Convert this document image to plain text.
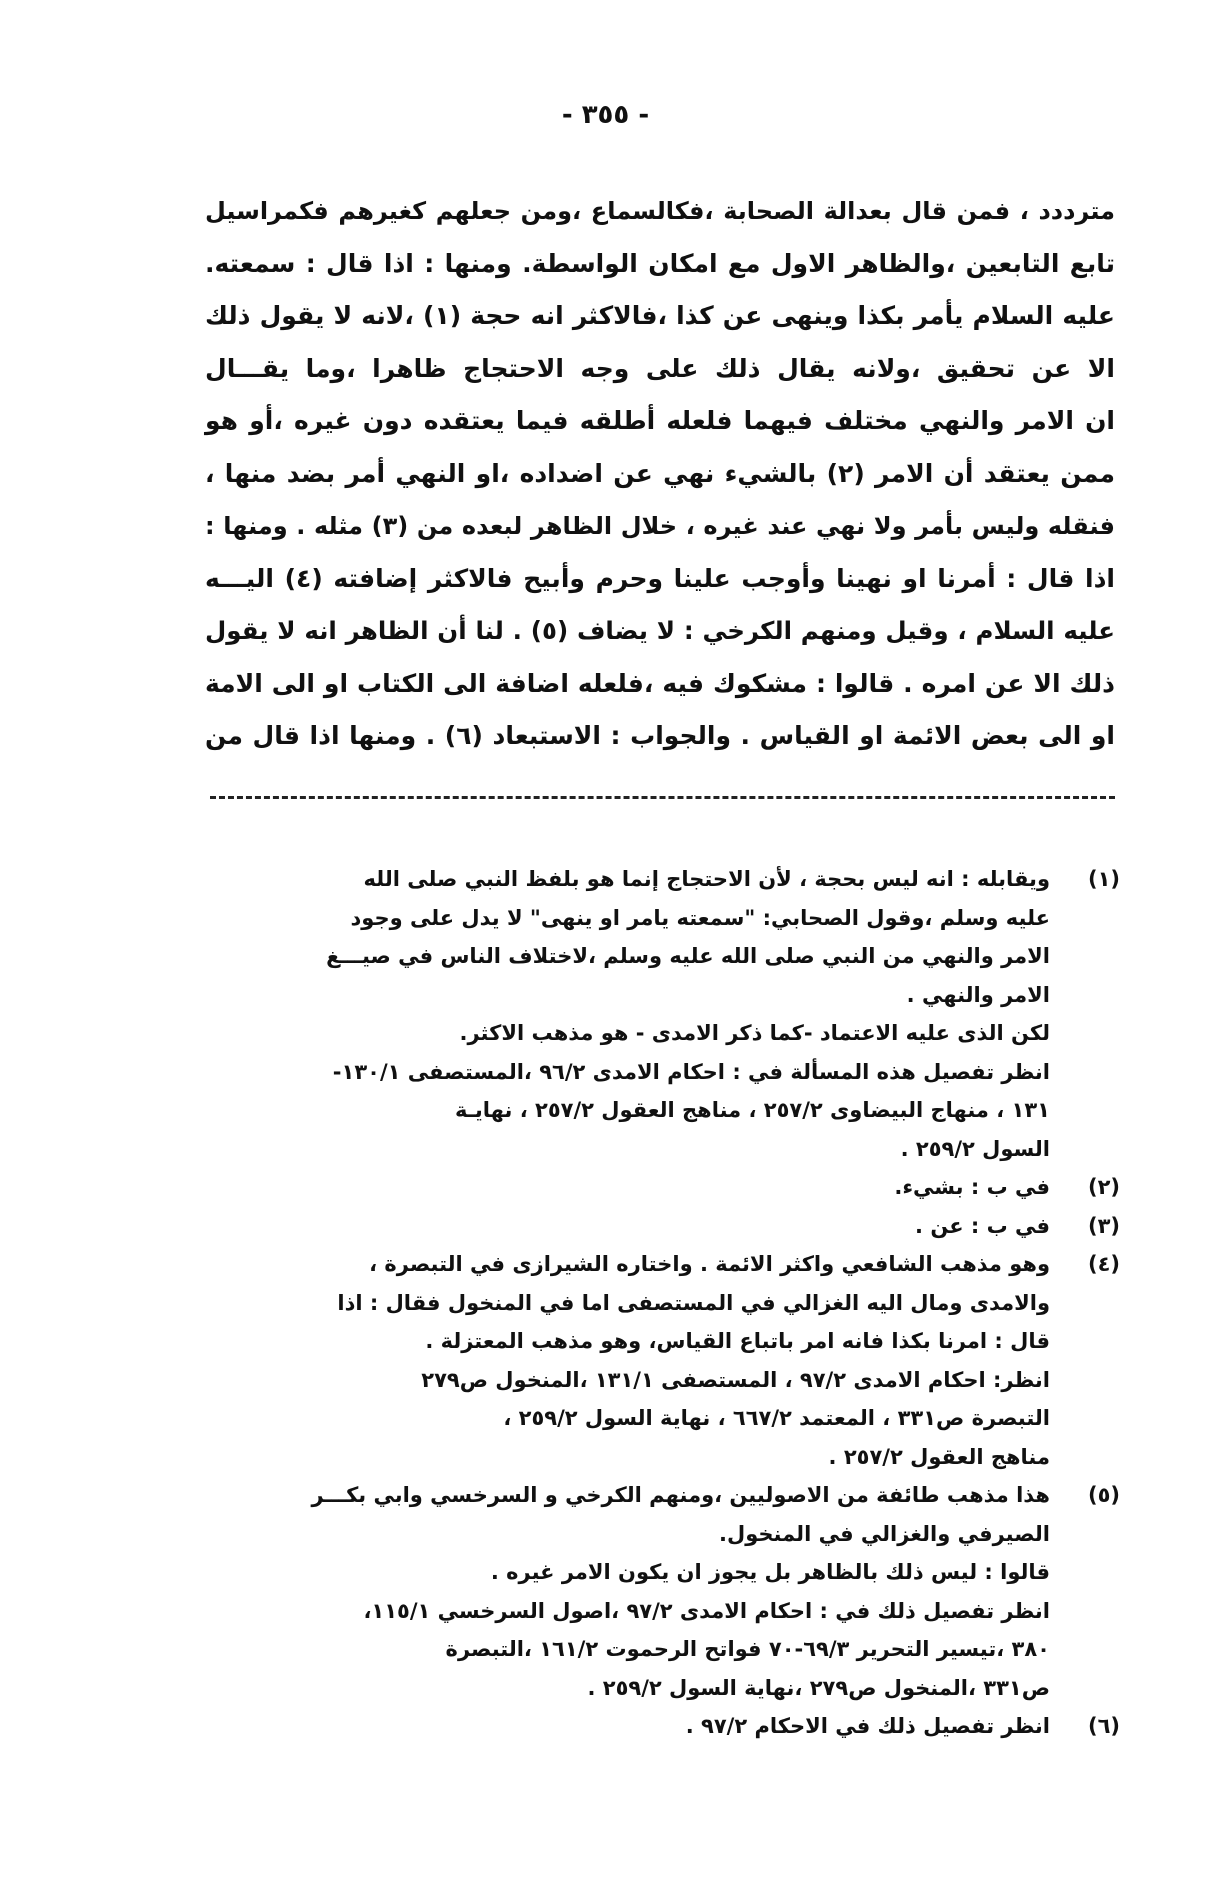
- ٣٥٥ -
مترددد ، فمن قال بعدالة الصحابة ،فكالسماع ،ومن جعلهم كغيرهم فكمراسيل
تابع التابعين ،والظاهر الاول مع امكان الواسطة. ومنها : اذا قال : سمعته.
عليه السلام يأمر بكذا وينهى عن كذا ،فالاكثر انه حجة (١) ،لانه لا يقول ذلك
الا عن تحقيق ،ولانه يقال ذلك على وجه الاحتجاج ظاهرا ،وما يقـــال
ان الامر والنهي مختلف فيهما فلعله أطلقه فيما يعتقده دون غيره ،أو هو
ممن يعتقد أن الامر (٢) بالشيء نهي عن اضداده ،او النهي أمر بضد منها ،
فنقله وليس بأمر ولا نهي عند غيره ، خلال الظاهر لبعده من (٣) مثله . ومنها :
اذا قال : أمرنا او نهينا وأوجب علينا وحرم وأبيح فالاكثر إضافته (٤) اليـــه
عليه السلام ، وقيل ومنهم الكرخي : لا يضاف (٥) . لنا أن الظاهر انه لا يقول
ذلك الا عن امره . قالوا : مشكوك فيه ،فلعله اضافة الى الكتاب او الى الامة
او الى بعض الائمة او القياس . والجواب : الاستبعاد (٦) . ومنها اذا قال من
(١)
ويقابله : انه ليس بحجة ، لأن الاحتجاج إنما هو بلفظ النبي صلى الله
عليه وسلم ،وقول الصحابي: "سمعته يامر او ينهى" لا يدل على وجود
الامر والنهي من النبي صلى الله عليه وسلم ،لاختلاف الناس في صيـــغ
الامر والنهي .
لكن الذى عليه الاعتماد -كما ذكر الامدى - هو مذهب الاكثر.
انظر تفصيل هذه المسألة في : احكام الامدى ٩٦/٢ ،المستصفى ١٣٠/١-
١٣١ ، منهاج البيضاوى ٢٥٧/٢ ، مناهج العقول ٢٥٧/٢ ، نهايـة
السول ٢٥٩/٢ .
(٢)
في ب : بشيء.
(٣)
في ب : عن .
(٤)
وهو مذهب الشافعي واكثر الائمة . واختاره الشيرازى في التبصرة ،
والامدى ومال اليه الغزالي في المستصفى اما في المنخول فقال : اذا
قال : امرنا بكذا فانه امر باتباع القياس، وهو مذهب المعتزلة .
انظر: احكام الامدى ٩٧/٢ ، المستصفى ١٣١/١ ،المنخول ص٢٧٩
التبصرة ص٣٣١ ، المعتمد ٦٦٧/٢ ، نهاية السول ٢٥٩/٢ ،
مناهج العقول ٢٥٧/٢ .
(٥)
هذا مذهب طائفة من الاصوليين ،ومنهم الكرخي و السرخسي وابي بكـــر
الصيرفي والغزالي في المنخول.
قالوا : ليس ذلك بالظاهر بل يجوز ان يكون الامر غيره .
انظر تفصيل ذلك في : احكام الامدى ٩٧/٢ ،اصول السرخسي ١١٥/١،
٣٨٠ ،تيسير التحرير ٦٩/٣-٧٠ فواتح الرحموت ١٦١/٢ ،التبصرة
ص٣٣١ ،المنخول ص٢٧٩ ،نهاية السول ٢٥٩/٢ .
(٦)
انظر تفصيل ذلك في الاحكام ٩٧/٢ .
